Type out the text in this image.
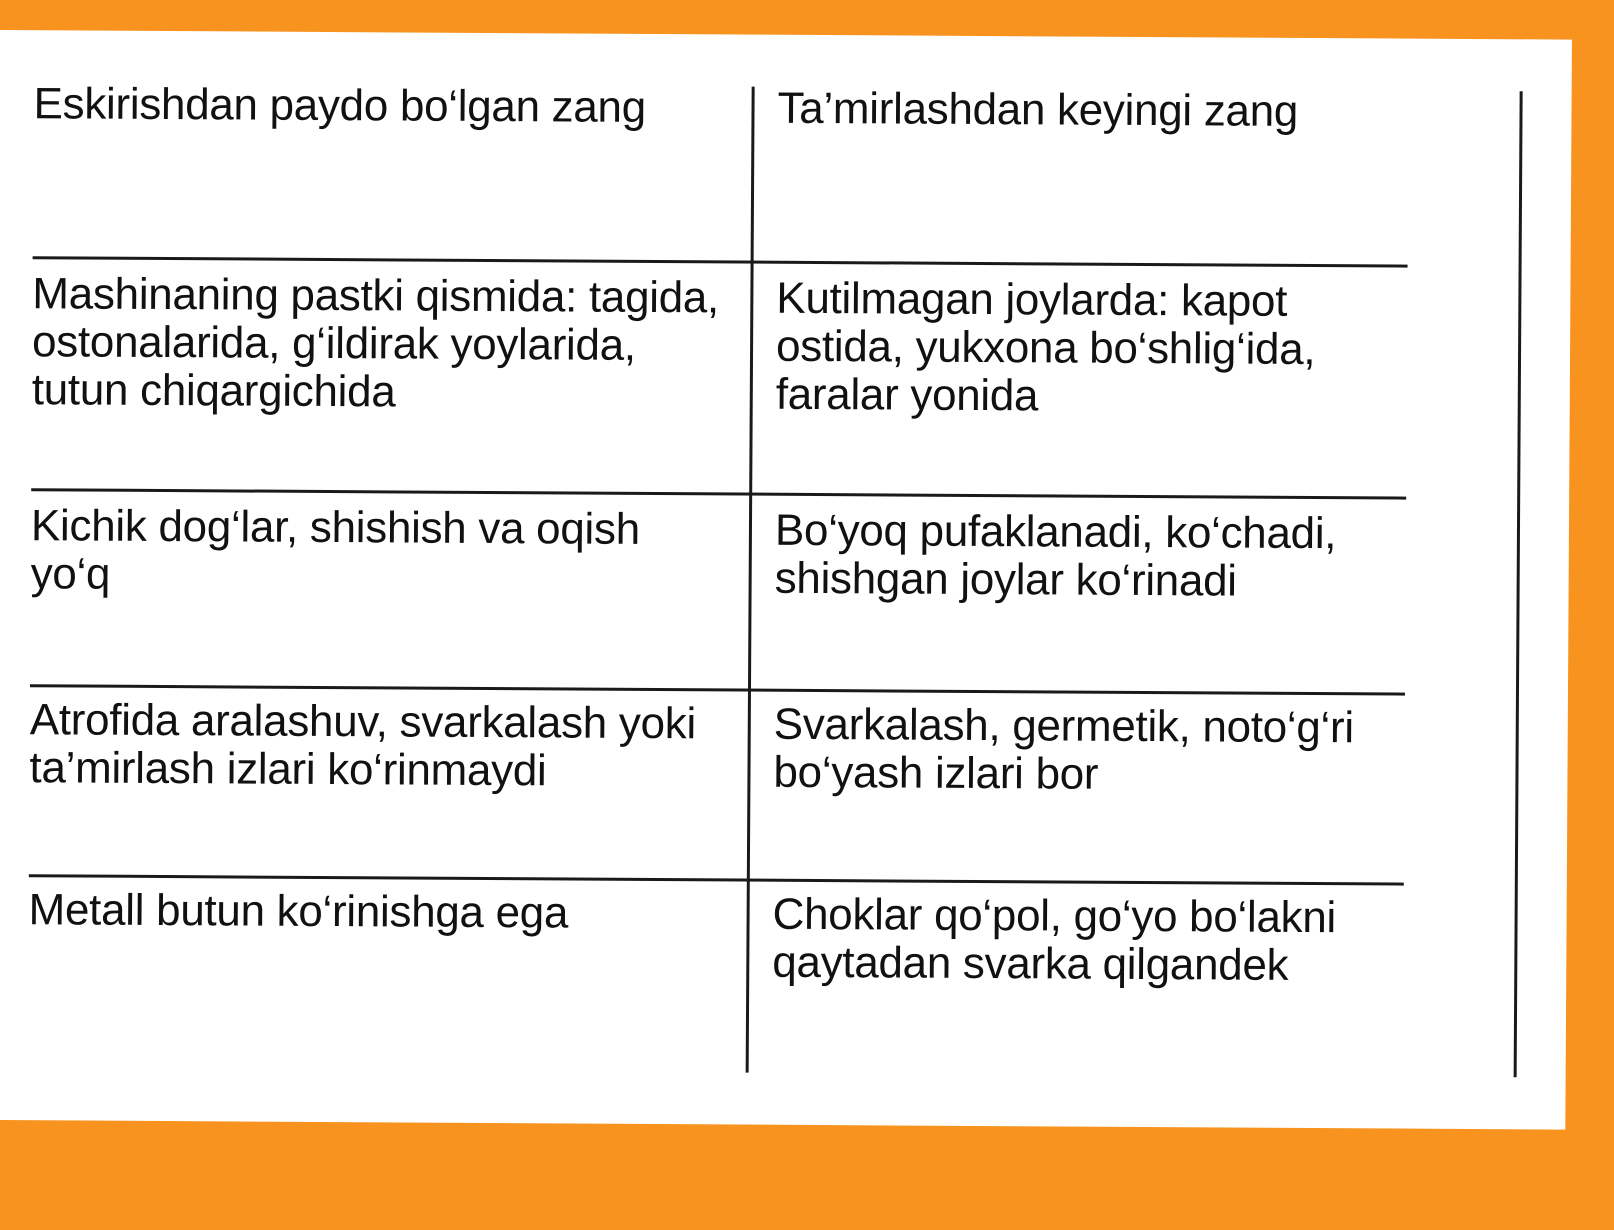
Eskirishdan paydo bo‘lgan zang	Ta’mirlashdan keyingi zang
Mashinaning pastki qismida: tagida, ostonalarida, g‘ildirak yoylarida, tutun chiqargichida
Kutilmagan joylarda: kapot ostida, yukxona bo‘shlig‘ida, faralar yonida
Kichik dog‘lar, shishish va oqish yo‘q
Bo‘yoq pufaklanadi, ko‘chadi, shishgan joylar ko‘rinadi
Atrofida aralashuv, svarkalash yoki ta’mirlash izlari ko‘rinmaydi
Svarkalash, germetik, noto‘g‘ri bo‘yash izlari bor
Metall butun ko‘rinishga ega	Choklar qo‘pol, go‘yo bo‘lakni qaytadan svarka qilgandek
